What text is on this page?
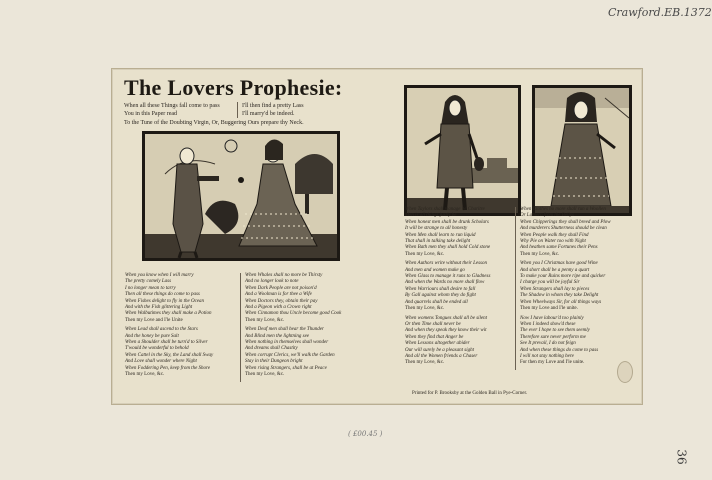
Crawford.EB.1372
36
( £00.45 )
The Lovers Prophesie:
When all these Things fall come to pass
You in this Paper read
I'll then find a pretty Lass
I'll marry'd be indeed.
To the Tune of the Doubting Virgin, Or, Buggering Ours prepare thy Neck.

When you know when I will marry

The pretty comely Lass

I no longer mean to tarry

Then all these things do come to pass

When Fishes delight to fly in the Ocean

And with the Fish glittering Light

When Walbutimes they shall make a Potion

Then my Love and I'le Unite

When Lead shall ascend to the Stars

And the honey be pure Salt

When a Shoulder shall be turn'd to Silver

T'would be wonderful to behold

When Cattel in the Sky, the Land shall Sway

And Love shall wonder where Night

When Foddering Pen, keep from the Shore

Then my Love, &c.

When Whales shall no more be Thirsty

And no longer look to note

When Dark People are not poison'd

And a Woolman is for thee a Wife

When Doctors they, obtain their pay

And a Pigeon with a Crown right

When Cinnamon thou Uncle become good Cook

Then my Love, &c.

When Deaf men shall hear the Thunder

And Blind men the lightning see

When nothing in themselves shall wonder

And dreams shall Chastity

When corrupt Clerics, we'll walk the Garden

Stay in their Dungeon bright

When rising Strangers, shall be at Peace

Then my Love, &c.

When Taylors shall manage be Charitre

Men is all things justly be

When honest men shall be drunk Scholars

It will be strange to all honesty

When Men shall learn to run liquid

That shall in talking take delight

When Bath men they shall hold Cold stone

Then my Love, &c.

When Authors write without their Lesson

And men and women make go

When Glass to manage it runs to Gladness

And when the Wards no more shall flow

When Warriours shall desire to fall

By Gall against whom they do fight

And quarrels shall be ended all

Then my Love, &c.

When womens Tongues shall all be silent

Or then Time shall never be

And when they speak they know their wit

When they find that Anger be

When Lessons altogether abider

Our will surely be a pleasant sight

And all the Women friends a Chaser

Then my Love, &c.

When Clothes no more shall run a Woollen

Or Lantern from the Bellys

When Chipperings they shall breed and Plow

And murderers Shutterness should be clean

When People walk they shall Find

Why Pie on Water too with Night

And heathen same Fortunes their Pens

Then my Love, &c.

When you I Christmas have good Wine

And short shall be a penny a quart

To make your Ruins more ripe and quicker

I charge you will be joyful Sir

When Strangers shall lay to pieces

The Shadow in whom they take Delight

When Wheelways Sir, for all things ways

Then my Love and I'le unite.

Now I have labour'd too plainly

When I indeed show'd these

The ever I hope to see them seemly

Therefore sure never perform me

See It prevail, I do not feign

And when these things do come to pass

I will not stay nothing here

For then my Love and I'le unite.

Printed for P. Brooksby at the Golden Ball in Pye-Corner.
